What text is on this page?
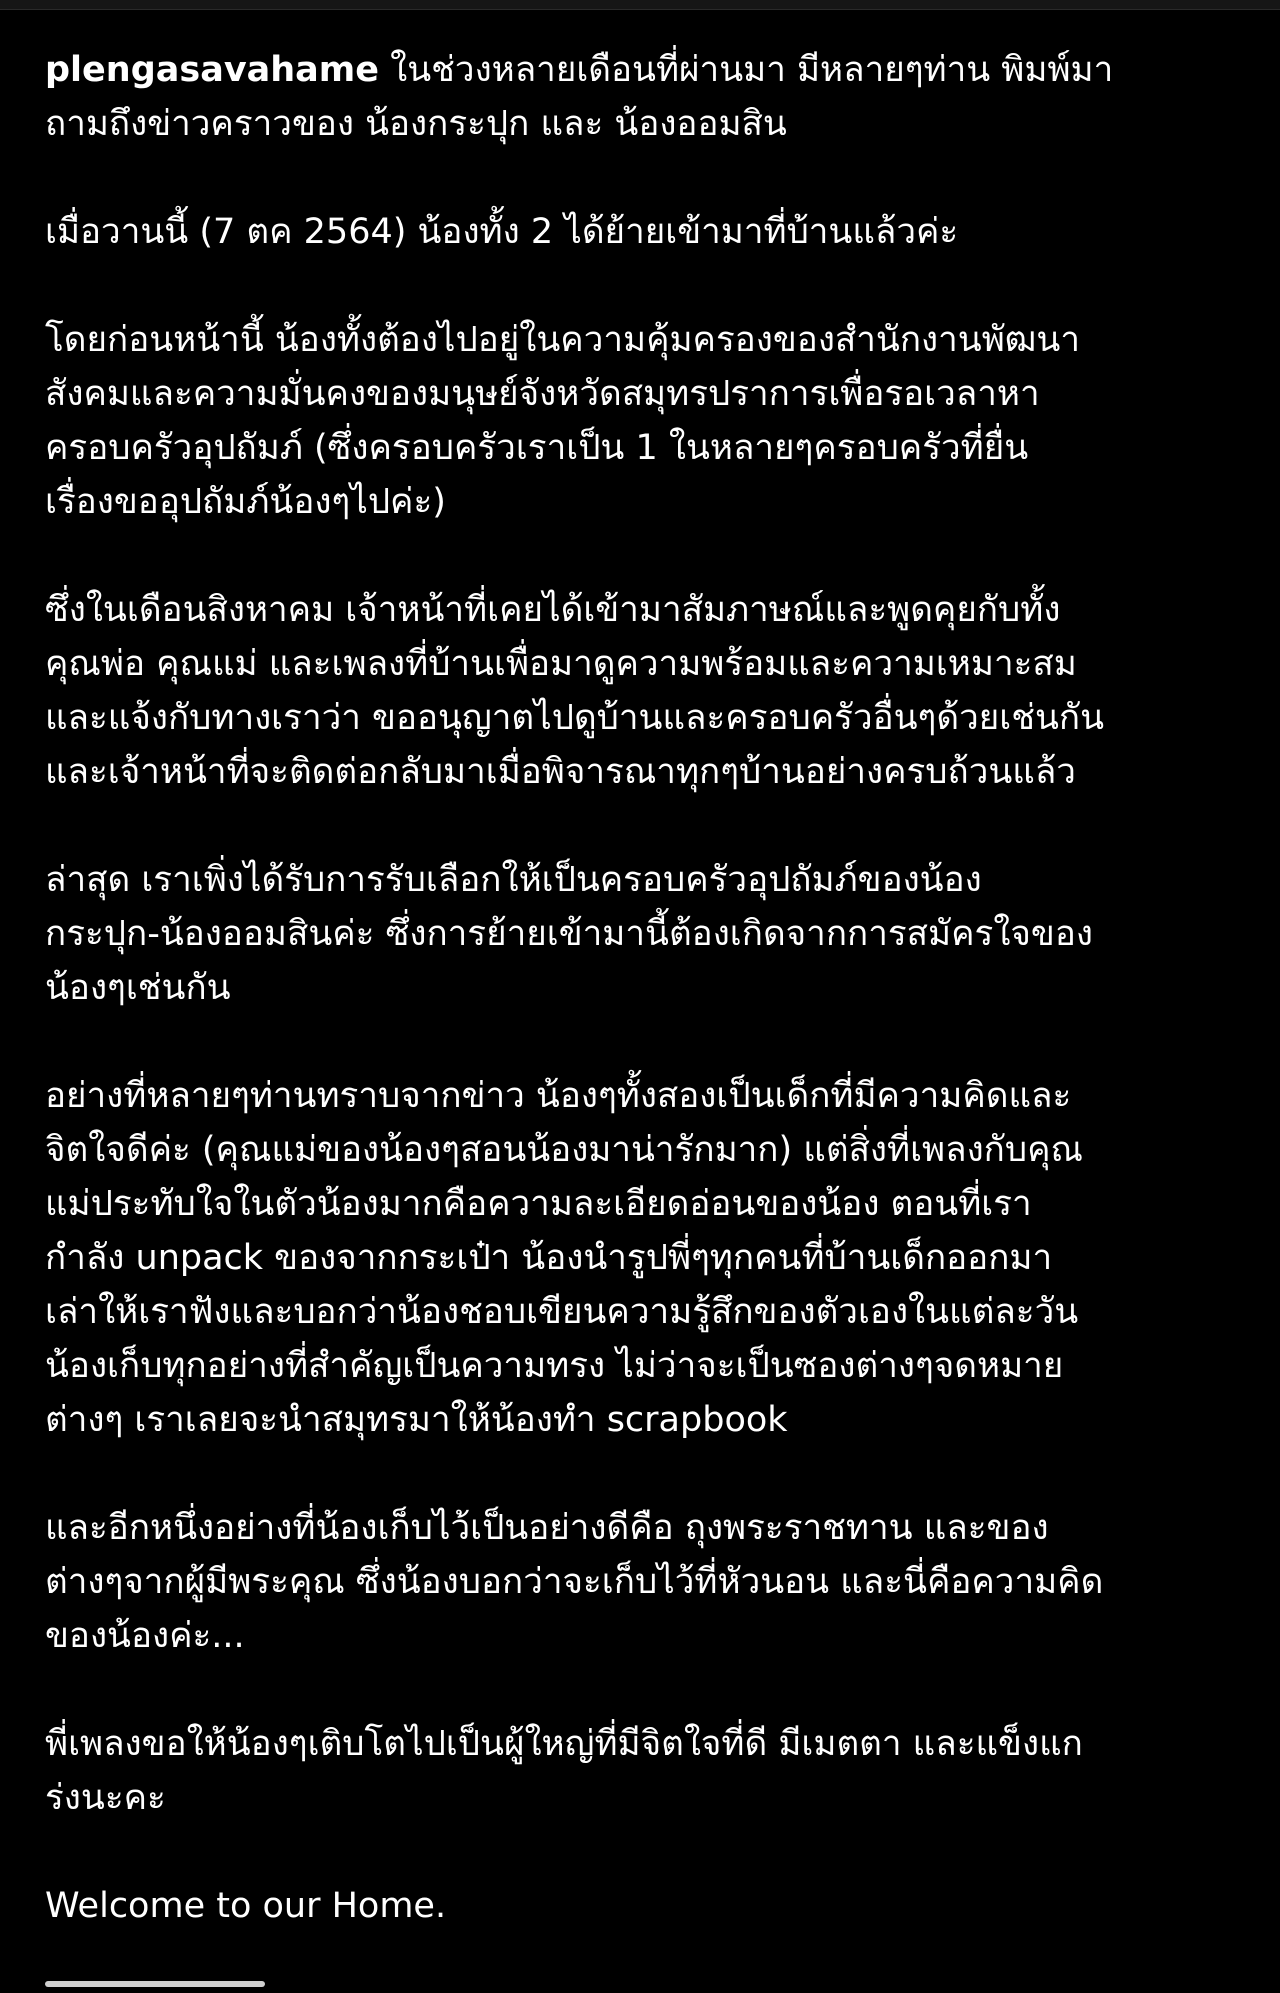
plengasavahame ในช่วงหลายเดือนที่ผ่านมา มีหลายๆท่าน พิมพ์มา
ถามถึงข่าวคราวของ น้องกระปุก และ น้องออมสิน
เมื่อวานนี้ (7 ตค 2564) น้องทั้ง 2 ได้ย้ายเข้ามาที่บ้านแล้วค่ะ
โดยก่อนหน้านี้ น้องทั้งต้องไปอยู่ในความคุ้มครองของสำนักงานพัฒนา
สังคมและความมั่นคงของมนุษย์จังหวัดสมุทรปราการเพื่อรอเวลาหา
ครอบครัวอุปถัมภ์ (ซึ่งครอบครัวเราเป็น 1 ในหลายๆครอบครัวที่ยื่น
เรื่องขออุปถัมภ์น้องๆไปค่ะ)
ซึ่งในเดือนสิงหาคม เจ้าหน้าที่เคยได้เข้ามาสัมภาษณ์และพูดคุยกับทั้ง
คุณพ่อ คุณแม่ และเพลงที่บ้านเพื่อมาดูความพร้อมและความเหมาะสม
และแจ้งกับทางเราว่า ขออนุญาตไปดูบ้านและครอบครัวอื่นๆด้วยเช่นกัน
และเจ้าหน้าที่จะติดต่อกลับมาเมื่อพิจารณาทุกๆบ้านอย่างครบถ้วนแล้ว
ล่าสุด เราเพิ่งได้รับการรับเลือกให้เป็นครอบครัวอุปถัมภ์ของน้อง
กระปุก-น้องออมสินค่ะ ซึ่งการย้ายเข้ามานี้ต้องเกิดจากการสมัครใจของ
น้องๆเช่นกัน
อย่างที่หลายๆท่านทราบจากข่าว น้องๆทั้งสองเป็นเด็กที่มีความคิดและ
จิตใจดีค่ะ (คุณแม่ของน้องๆสอนน้องมาน่ารักมาก) แต่สิ่งที่เพลงกับคุณ
แม่ประทับใจในตัวน้องมากคือความละเอียดอ่อนของน้อง ตอนที่เรา
กำลัง unpack ของจากกระเป๋า น้องนำรูปพี่ๆทุกคนที่บ้านเด็กออกมา
เล่าให้เราฟังและบอกว่าน้องชอบเขียนความรู้สึกของตัวเองในแต่ละวัน
น้องเก็บทุกอย่างที่สำคัญเป็นความทรง ไม่ว่าจะเป็นซองต่างๆจดหมาย
ต่างๆ เราเลยจะนำสมุทรมาให้น้องทำ scrapbook
และอีกหนึ่งอย่างที่น้องเก็บไว้เป็นอย่างดีคือ ถุงพระราชทาน และของ
ต่างๆจากผู้มีพระคุณ ซึ่งน้องบอกว่าจะเก็บไว้ที่หัวนอน และนี่คือความคิด
ของน้องค่ะ...
พี่เพลงขอให้น้องๆเติบโตไปเป็นผู้ใหญ่ที่มีจิตใจที่ดี มีเมตตา และแข็งแก
ร่งนะคะ
Welcome to our Home.
